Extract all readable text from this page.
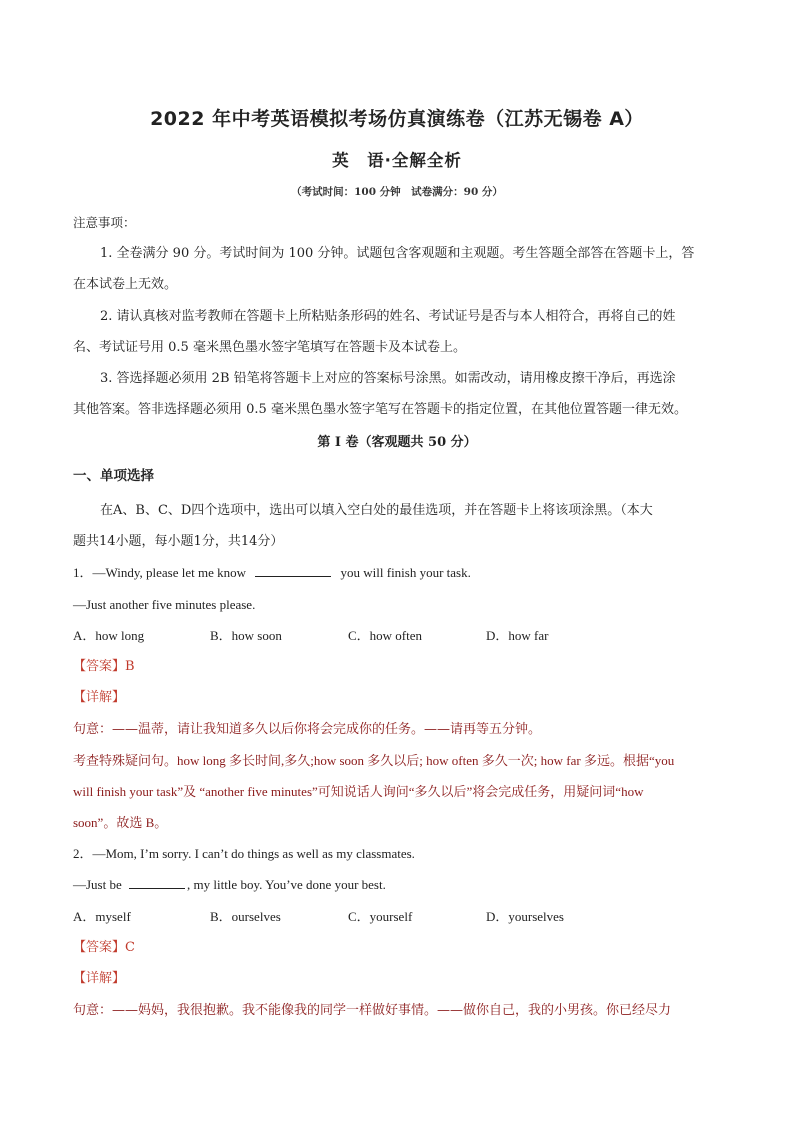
2022 年中考英语模拟考场仿真演练卷（江苏无锡卷 A）
英　语·全解全析
（考试时间：100 分钟　试卷满分：90 分）
注意事项：
1. 全卷满分 90 分。考试时间为 100 分钟。试题包含客观题和主观题。考生答题全部答在答题卡上，答
在本试卷上无效。
2. 请认真核对监考教师在答题卡上所粘贴条形码的姓名、考试证号是否与本人相符合，再将自己的姓
名、考试证号用 0.5 毫米黑色墨水签字笔填写在答题卡及本试卷上。
3. 答选择题必须用 2B 铅笔将答题卡上对应的答案标号涂黑。如需改动，请用橡皮擦干净后，再选涂
其他答案。答非选择题必须用 0.5 毫米黑色墨水签字笔写在答题卡的指定位置，在其他位置答题一律无效。
第 I 卷（客观题共 50 分）
一、单项选择
在A、B、C、D四个选项中，选出可以填入空白处的最佳选项，并在答题卡上将该项涂黑。（本大
题共14小题，每小题1分，共14分）
1．—Windy, please let me know	you will finish your task.
—Just another five minutes please.
A．how long	B．how soon	C．how often	D．how far
【答案】B
【详解】
句意：——温蒂，请让我知道多久以后你将会完成你的任务。——请再等五分钟。
考查特殊疑问句。how long 多长时间,多久;how soon 多久以后; how often 多久一次; how far 多远。根据“you
will finish your task”及 “another five minutes”可知说话人询问“多久以后”将会完成任务，用疑问词“how
soon”。故选 B。
2．—Mom, I’m sorry. I can’t do things as well as my classmates.
—Just be	, my little boy. You’ve done your best.
A．myself	B．ourselves	C．yourself	D．yourselves
【答案】C
【详解】
句意：——妈妈，我很抱歉。我不能像我的同学一样做好事情。——做你自己，我的小男孩。你已经尽力
